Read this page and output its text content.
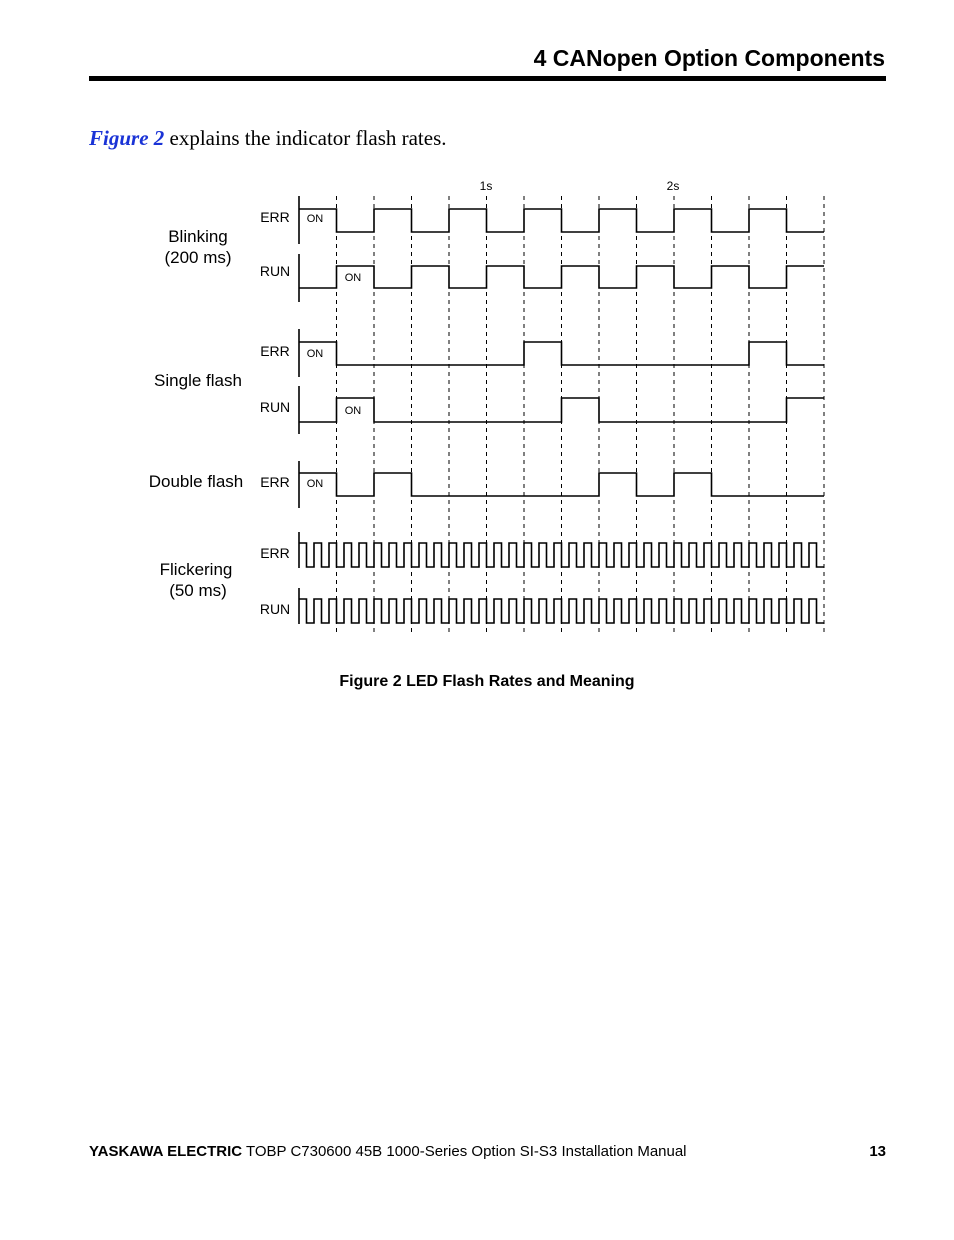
4 CANopen Option Components

Figure 2 explains the indicator flash rates.

1s	2s
Blinking
(200 ms)
Single flash
Double flash
Flickering
(50 ms)
ERR
RUN
ERR
RUN
ERR
ERR
RUN
ON
ON
ON
ON
ON

Figure 2 LED Flash Rates and Meaning

YASKAWA ELECTRIC TOBP C730600 45B 1000-Series Option SI-S3 Installation Manual	13
